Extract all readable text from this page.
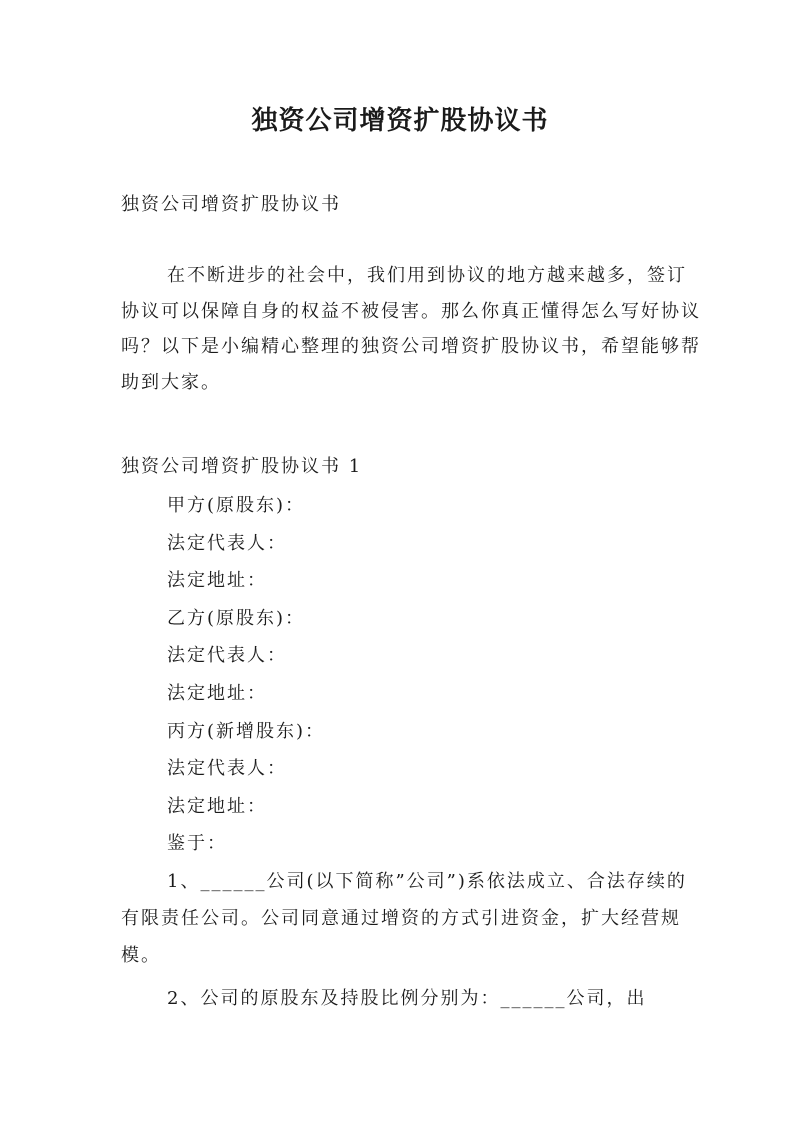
独资公司增资扩股协议书

独资公司增资扩股协议书

在不断进步的社会中，我们用到协议的地方越来越多，签订协议可以保障自身的权益不被侵害。那么你真正懂得怎么写好协议吗？以下是小编精心整理的独资公司增资扩股协议书，希望能够帮助到大家。

独资公司增资扩股协议书 1

甲方(原股东)：
法定代表人：
法定地址：
乙方(原股东)：
法定代表人：
法定地址：
丙方(新增股东)：
法定代表人：
法定地址：
鉴于：

1、______公司(以下简称”公司”)系依法成立、合法存续的有限责任公司。公司同意通过增资的方式引进资金，扩大经营规模。

2、公司的原股东及持股比例分别为：______公司，出
